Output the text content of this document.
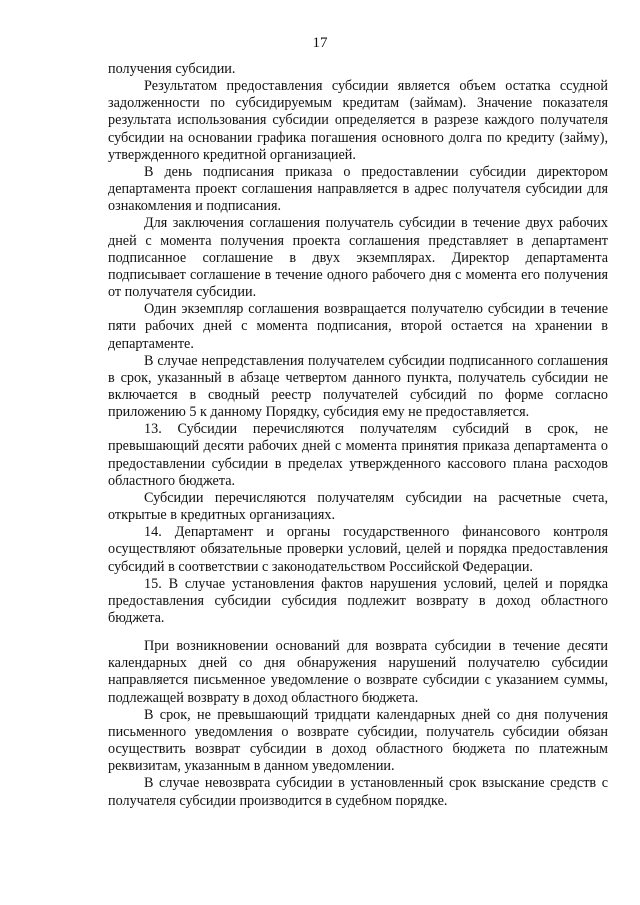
17

получения субсидии.

Результатом предоставления субсидии является объем остатка ссудной задолженности по субсидируемым кредитам (займам). Значение показателя результата использования субсидии определяется в разрезе каждого получателя субсидии на основании графика погашения основного долга по кредиту (займу), утвержденного кредитной организацией.

В день подписания приказа о предоставлении субсидии директором департамента проект соглашения направляется в адрес получателя субсидии для ознакомления и подписания.

Для заключения соглашения получатель субсидии в течение двух рабочих дней с момента получения проекта соглашения представляет в департамент подписанное соглашение в двух экземплярах. Директор департамента подписывает соглашение в течение одного рабочего дня с момента его получения от получателя субсидии.

Один экземпляр соглашения возвращается получателю субсидии в течение пяти рабочих дней с момента подписания, второй остается на хранении в департаменте.

В случае непредставления получателем субсидии подписанного соглашения в срок, указанный в абзаце четвертом данного пункта, получатель субсидии не включается в сводный реестр получателей субсидий по форме согласно приложению 5 к данному Порядку, субсидия ему не предоставляется.

13. Субсидии перечисляются получателям субсидий в срок, не превышающий десяти рабочих дней с момента принятия приказа департамента о предоставлении субсидии в пределах утвержденного кассового плана расходов областного бюджета.

Субсидии перечисляются получателям субсидии на расчетные счета, открытые в кредитных организациях.

14. Департамент и органы государственного финансового контроля осуществляют обязательные проверки условий, целей и порядка предоставления субсидий в соответствии с законодательством Российской Федерации.

15. В случае установления фактов нарушения условий, целей и порядка предоставления субсидии субсидия подлежит возврату в доход областного бюджета.

При возникновении оснований для возврата субсидии в течение десяти календарных дней со дня обнаружения нарушений получателю субсидии направляется письменное уведомление о возврате субсидии с указанием суммы, подлежащей возврату в доход областного бюджета.

В срок, не превышающий тридцати календарных дней со дня получения письменного уведомления о возврате субсидии, получатель субсидии обязан осуществить возврат субсидии в доход областного бюджета по платежным реквизитам, указанным в данном уведомлении.

В случае невозврата субсидии в установленный срок взыскание средств с получателя субсидии производится в судебном порядке.
